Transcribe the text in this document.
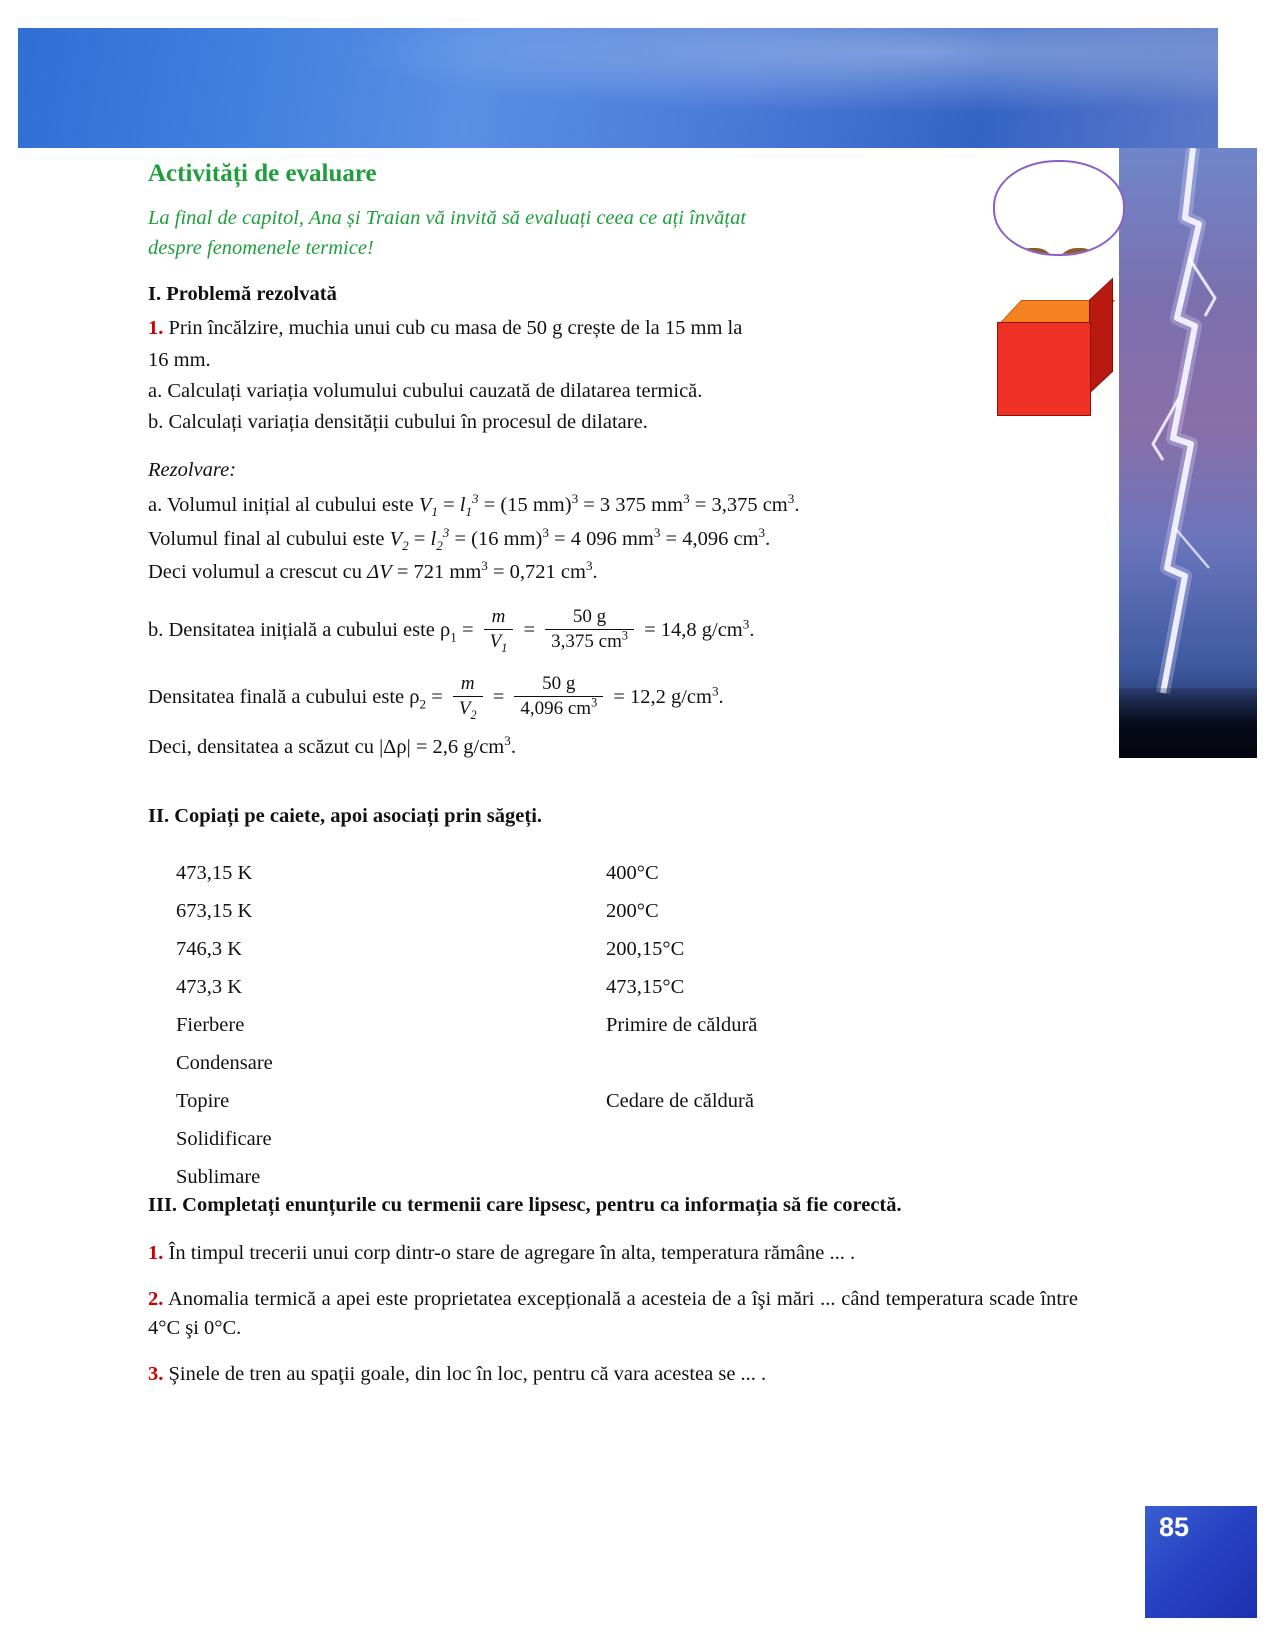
85
Activități de evaluare

La final de capitol, Ana și Traian vă invită să evaluați ceea ce ați învățat
despre fenomenele termice!

I. Problemă rezolvată

1. Prin încălzire, muchia unui cub cu masa de 50 g crește de la 15 mm la

16 mm.

a. Calculați variația volumului cubului cauzată de dilatarea termică.

b. Calculați variația densității cubului în procesul de dilatare.

Rezolvare:

a. Volumul inițial al cubului este $V_1 = l_1^3 = (15$ mm)$^3$ = 3 375 $mm^3 = 3,375$ $cm^3$.

Volumul final al cubului este $V_2 = l_2^3 = (16$ mm)$^3$ = 4 096 $mm^3 = 4,096$ $cm^3$.

Deci volumul a crescut cu ΔV = 721 $mm^3 = 0,721$ $cm^3$.

b. Densitatea inițială a cubului este $\rho_1 = \frac{m}{V_1} = \frac{50 g}{3,375 cm^3} = 14,8$ $g/cm^3$.

Densitatea finală a cubului este $\rho_2 = \frac{m}{V_2} = \frac{50 g}{4,096 cm^3} = 12,2$ $g/cm^3$.

Deci, densitatea a scăzut cu |Δρ| = 2,6 $g/cm^3$.

II. Copiați pe caiete, apoi asociați prin săgeți.
473,15 K
673,15 K
746,3 K
473,3 K
Fierbere
Condensare
Topire
Solidificare
Sublimare
400°C
200°C
200,15°C
473,15°C
Primire de căldură

Cedare de căldură

III. Completați enunțurile cu termenii care lipsesc, pentru ca informația să fie corectă.

1. În timpul trecerii unui corp dintr-o stare de agregare în alta, temperatura rămâne ... .

2. Anomalia termică a apei este proprietatea excepțională a acesteia de a îşi mări ... când temperatura scade între 4°C şi 0°C.

3. Şinele de tren au spaţii goale, din loc în loc, pentru că vara acestea se ... .
